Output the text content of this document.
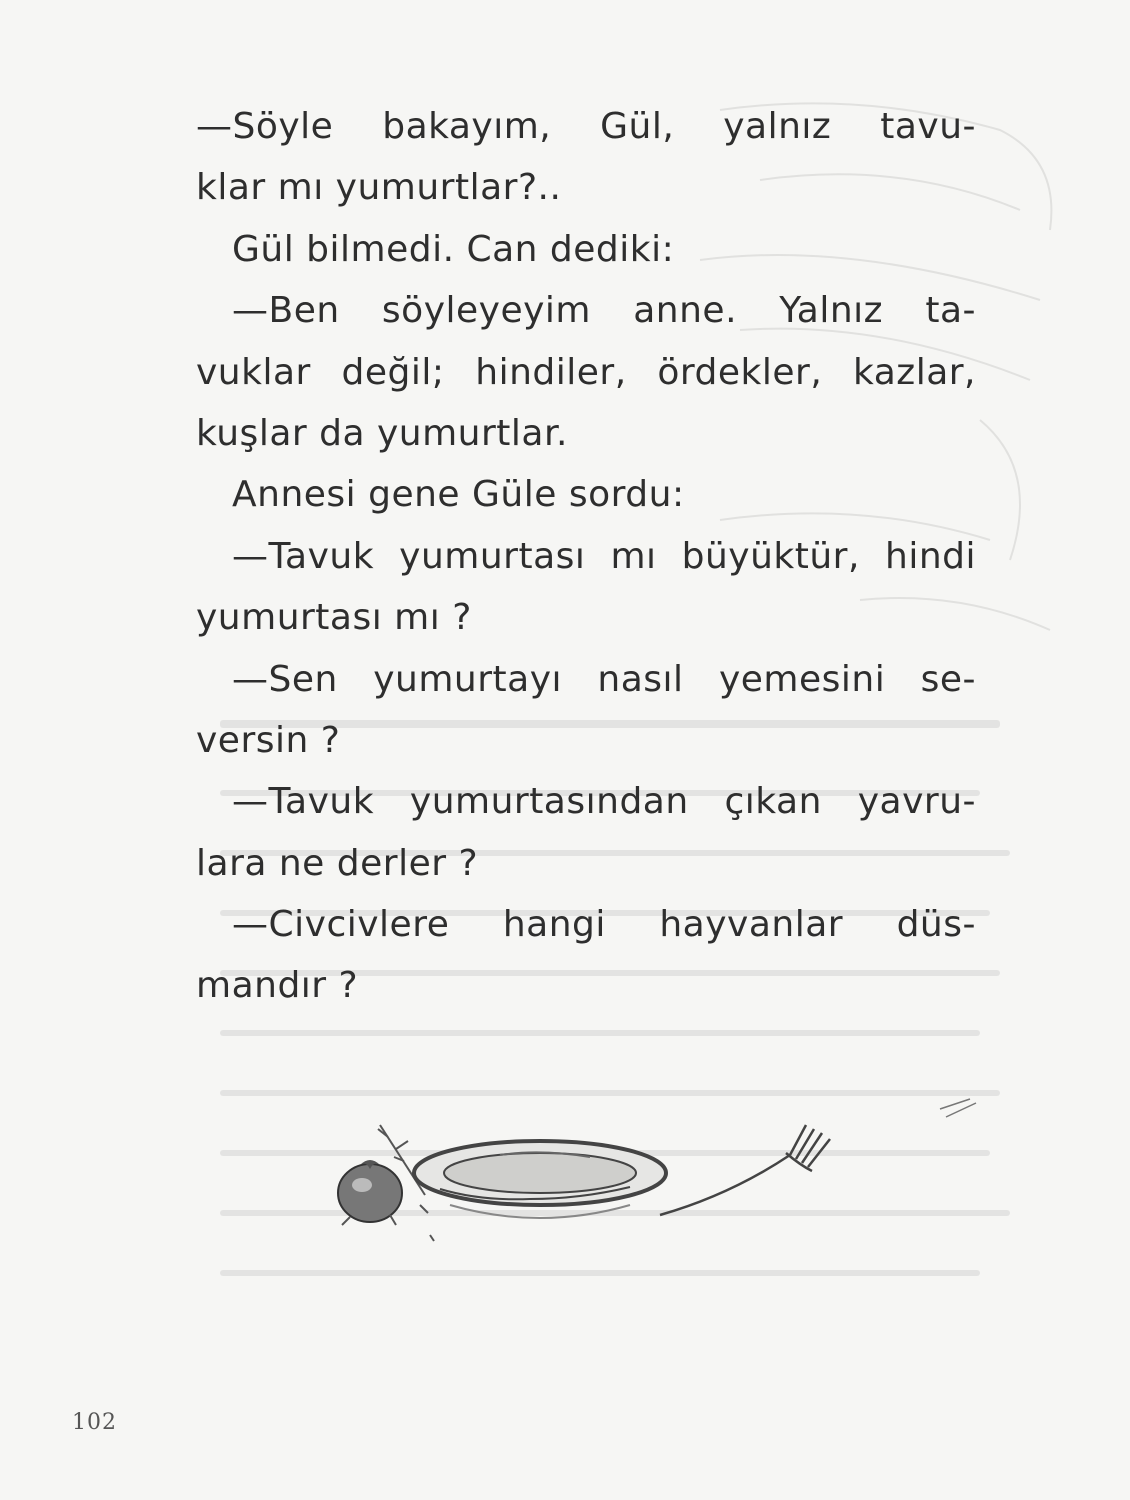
—Söyle bakayım, Gül, yalnız tavu-
klar mı yumurtlar?..
Gül bilmedi. Can dediki:
—Ben söyleyeyim anne. Yalnız ta-
vuklar değil; hindiler, ördekler, kazlar,
kuşlar da yumurtlar.
Annesi gene Güle sordu:
—Tavuk yumurtası mı büyüktür, hindi
yumurtası mı ?
—Sen yumurtayı nasıl yemesini se-
versin ?
—Tavuk yumurtasından çıkan yavru-
lara ne derler ?
—Civcivlere hangi hayvanlar düs-
mandır ?
102
